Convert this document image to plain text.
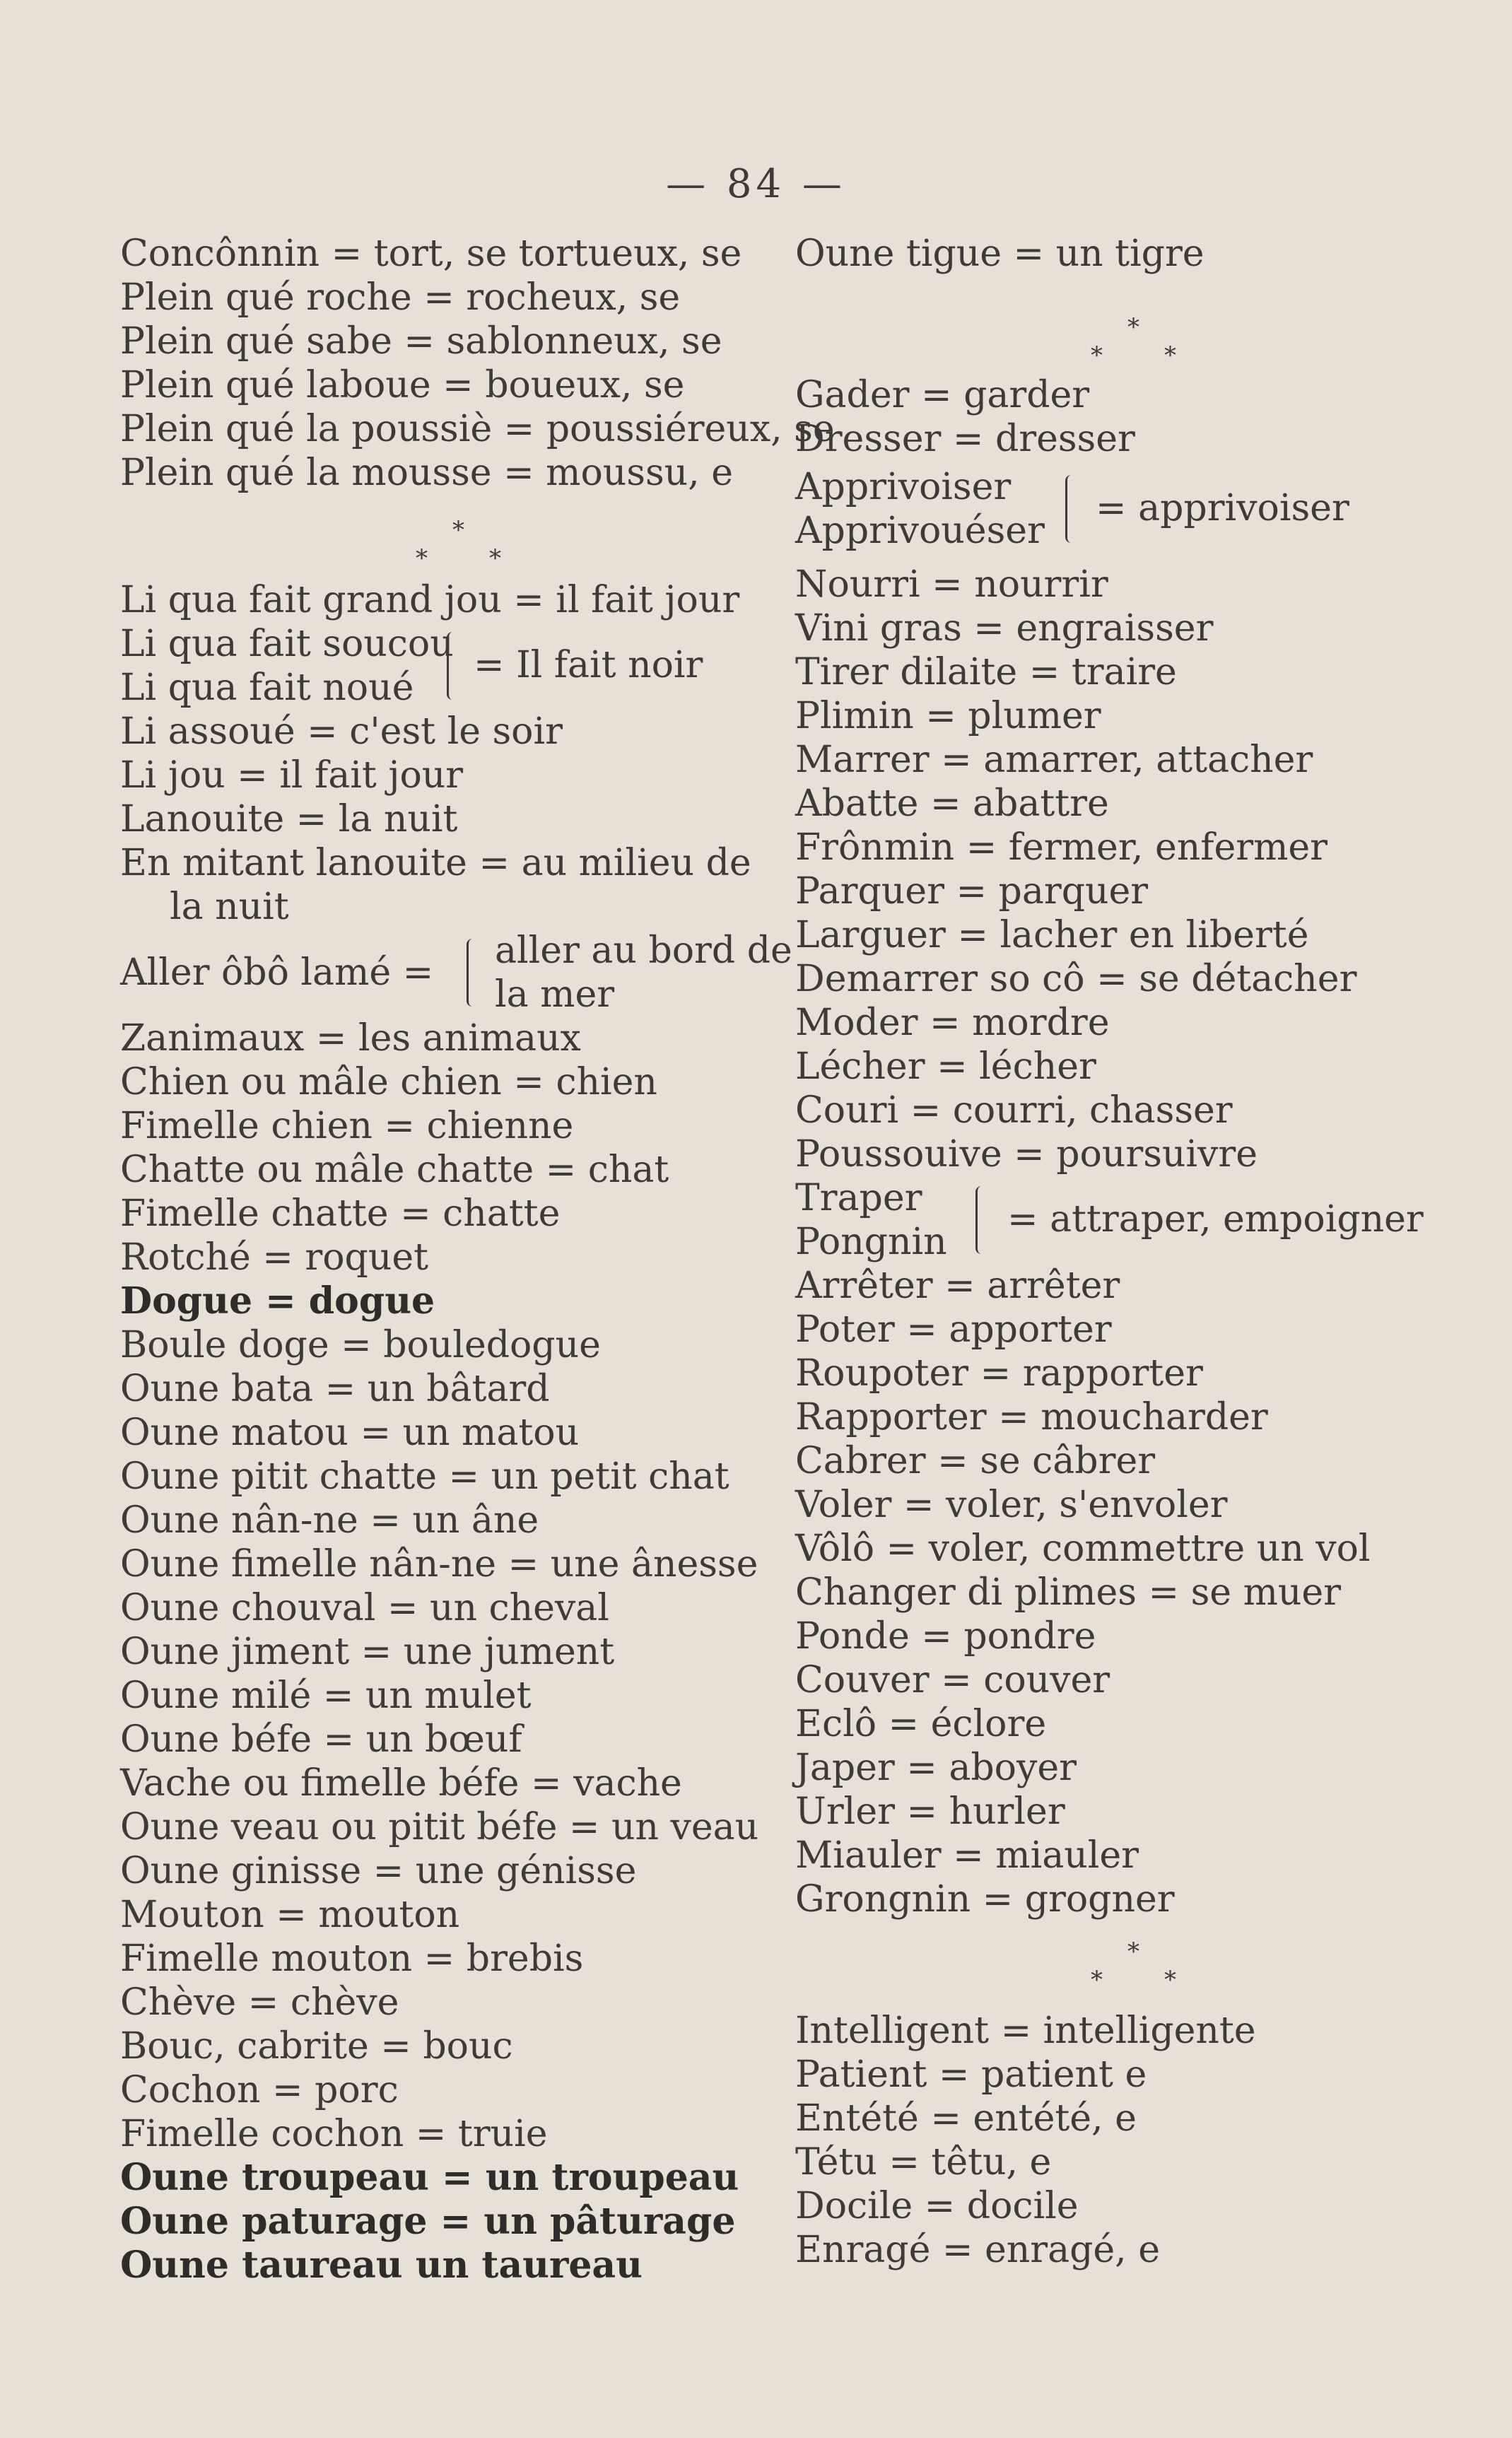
— 84 —
Concônnin = tort, se tortueux, se
Plein qué roche = rocheux, se
Plein qué sabe = sablonneux, se
Plein qué laboue = boueux, se
Plein qué la poussiè = poussiéreux, se
Plein qué la mousse = moussu, e
*
*	*
Li qua fait grand jou = il fait jour
Li qua fait soucou
Li qua fait noué
= Il fait noir
Li assoué = c'est le soir
Li jou = il fait jour
Lanouite = la nuit
En mitant lanouite = au milieu de
la nuit
Aller ôbô lamé =
aller au bord de
la mer
Zanimaux = les animaux
Chien ou mâle chien = chien
Fimelle chien = chienne
Chatte ou mâle chatte = chat
Fimelle chatte = chatte
Rotché = roquet
Dogue = dogue
Boule doge = bouledogue
Oune bata = un bâtard
Oune matou = un matou
Oune pitit chatte = un petit chat
Oune nân-ne = un âne
Oune fimelle nân-ne = une ânesse
Oune chouval = un cheval
Oune jiment = une jument
Oune milé = un mulet
Oune béfe = un bœuf
Vache ou fimelle béfe = vache
Oune veau ou pitit béfe = un veau
Oune ginisse = une génisse
Mouton = mouton
Fimelle mouton = brebis
Chève = chève
Bouc, cabrite = bouc
Cochon = porc
Fimelle cochon = truie
Oune troupeau = un troupeau
Oune paturage = un pâturage
Oune taureau un taureau
Oune tigue = un tigre
*
*	*
Gader = garder
Dresser = dresser
Apprivoiser
Apprivouéser
= apprivoiser
Nourri = nourrir
Vini gras = engraisser
Tirer dilaite = traire
Plimin = plumer
Marrer = amarrer, attacher
Abatte = abattre
Frônmin = fermer, enfermer
Parquer = parquer
Larguer = lacher en liberté
Demarrer so cô = se détacher
Moder = mordre
Lécher = lécher
Couri = courri, chasser
Poussouive = poursuivre
Traper
Pongnin
= attraper, empoigner
Arrêter = arrêter
Poter = apporter
Roupoter = rapporter
Rapporter = moucharder
Cabrer = se câbrer
Voler = voler, s'envoler
Vôlô = voler, commettre un vol
Changer di plimes = se muer
Ponde = pondre
Couver = couver
Eclô = éclore
Japer = aboyer
Urler = hurler
Miauler = miauler
Grongnin = grogner
*
*	*
Intelligent = intelligente
Patient = patient e
Entété = entété, e
Tétu = têtu, e
Docile = docile
Enragé = enragé, e
